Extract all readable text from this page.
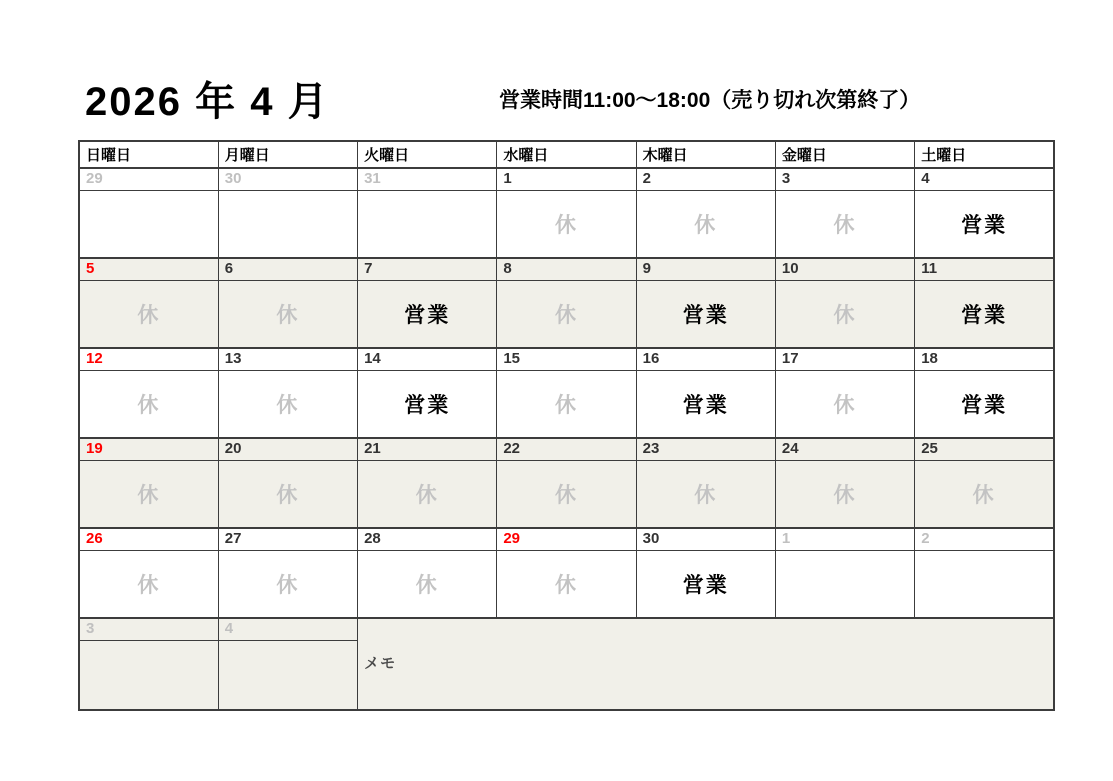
2026 年 4 月	営業時間11:00～18:00（売り切れ次第終了）
日曜日	月曜日	火曜日	水曜日	木曜日	金曜日	土曜日
29	30	31	1	2	3	4
			休	休	休	営業
5	6	7	8	9	10	11
休	休	営業	休	営業	休	営業
12	13	14	15	16	17	18
休	休	営業	休	営業	休	営業
19	20	21	22	23	24	25
休	休	休	休	休	休	休
26	27	28	29	30	1	2
休	休	休	休	営業		
3	4	メモ				
